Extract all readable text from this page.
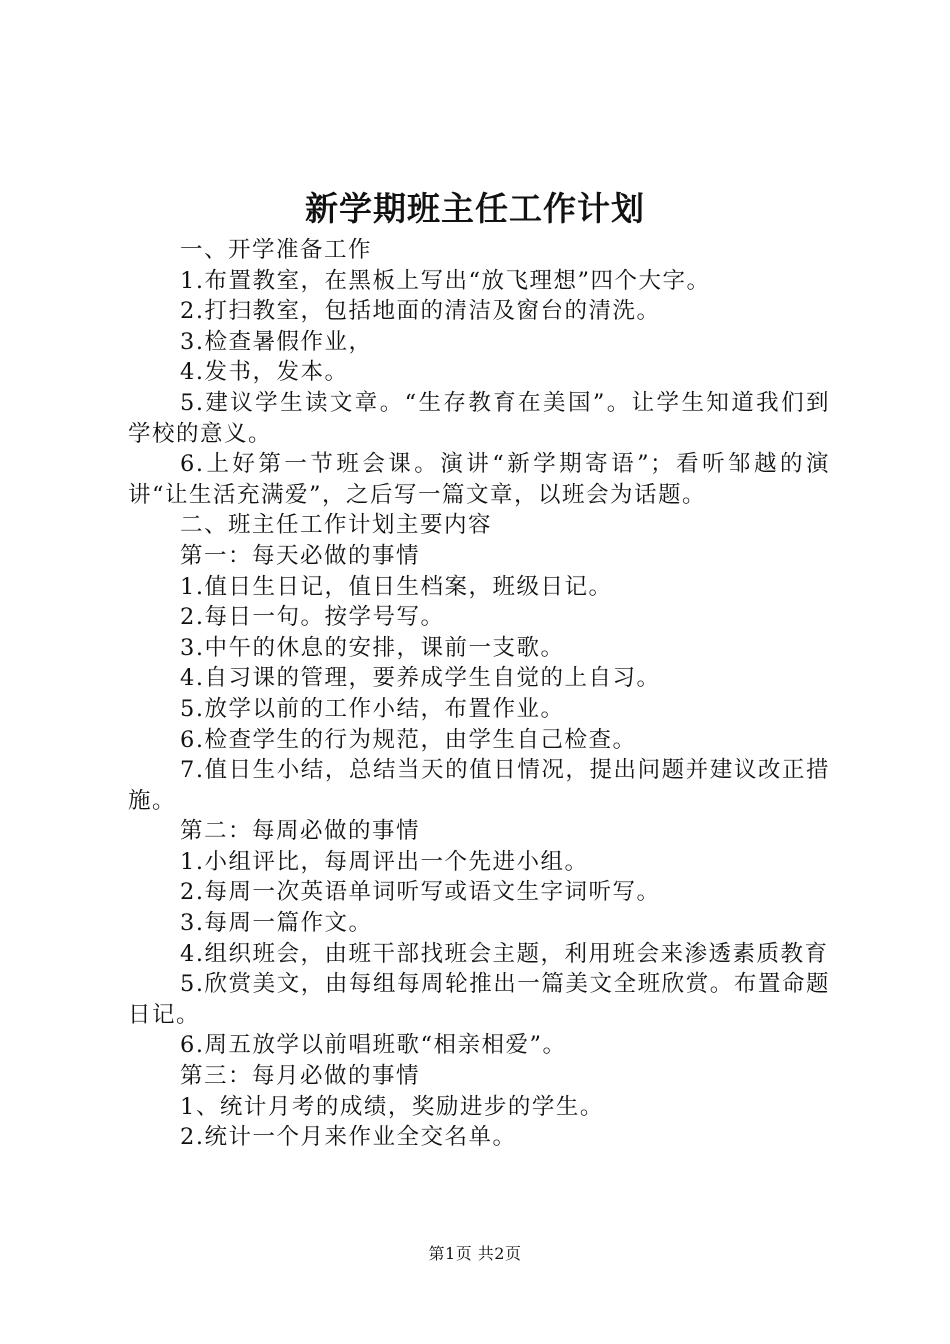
新学期班主任工作计划

一、开学准备工作

1.布置教室，在黑板上写出“放飞理想”四个大字。

2.打扫教室，包括地面的清洁及窗台的清洗。

3.检查暑假作业，

4.发书，发本。

5.建议学生读文章。“生存教育在美国”。让学生知道我们到学校的意义。

6.上好第一节班会课。演讲“新学期寄语”；看听邹越的演讲“让生活充满爱”，之后写一篇文章，以班会为话题。

二、班主任工作计划主要内容

第一：每天必做的事情

1.值日生日记，值日生档案，班级日记。

2.每日一句。按学号写。

3.中午的休息的安排，课前一支歌。

4.自习课的管理，要养成学生自觉的上自习。

5.放学以前的工作小结，布置作业。

6.检查学生的行为规范，由学生自己检查。

7.值日生小结，总结当天的值日情况，提出问题并建议改正措施。

第二：每周必做的事情

1.小组评比，每周评出一个先进小组。

2.每周一次英语单词听写或语文生字词听写。

3.每周一篇作文。

4.组织班会，由班干部找班会主题，利用班会来渗透素质教育

5.欣赏美文，由每组每周轮推出一篇美文全班欣赏。布置命题日记。

6.周五放学以前唱班歌“相亲相爱”。

第三：每月必做的事情

1、统计月考的成绩，奖励进步的学生。

2.统计一个月来作业全交名单。

第1页 共2页
